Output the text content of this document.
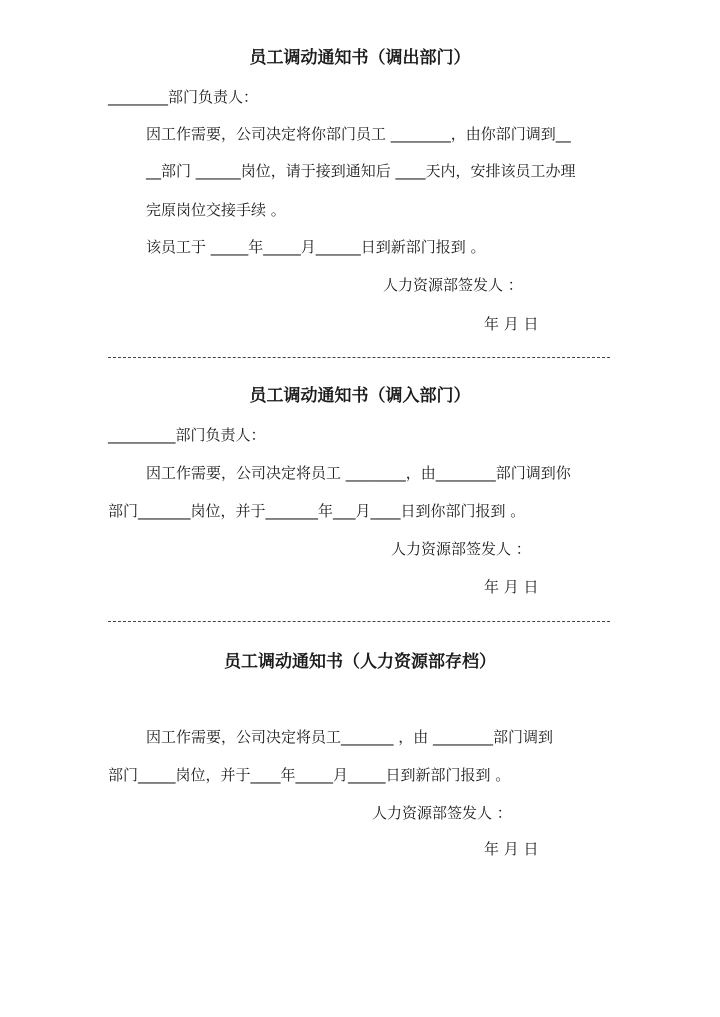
员工调动通知书（调出部门）
________部门负责人：
因工作需要，公司决定将你部门员工 ________，由你部门调到__
__部门 ______岗位，请于接到通知后 ____天内，安排该员工办理
完原岗位交接手续 。
该员工于 _____年_____月______日到新部门报到 。
人力资源部签发人 ：
年 月 日
员工调动通知书（调入部门）
_________部门负责人：
因工作需要，公司决定将员工 ________，由________部门调到你
部门_______岗位，并于_______年___月____日到你部门报到 。
人力资源部签发人 ：
年 月 日
员工调动通知书（人力资源部存档）
因工作需要，公司决定将员工_______ ，由 ________部门调到
部门_____岗位，并于____年_____月_____日到新部门报到 。
人力资源部签发人 ：
年 月 日
